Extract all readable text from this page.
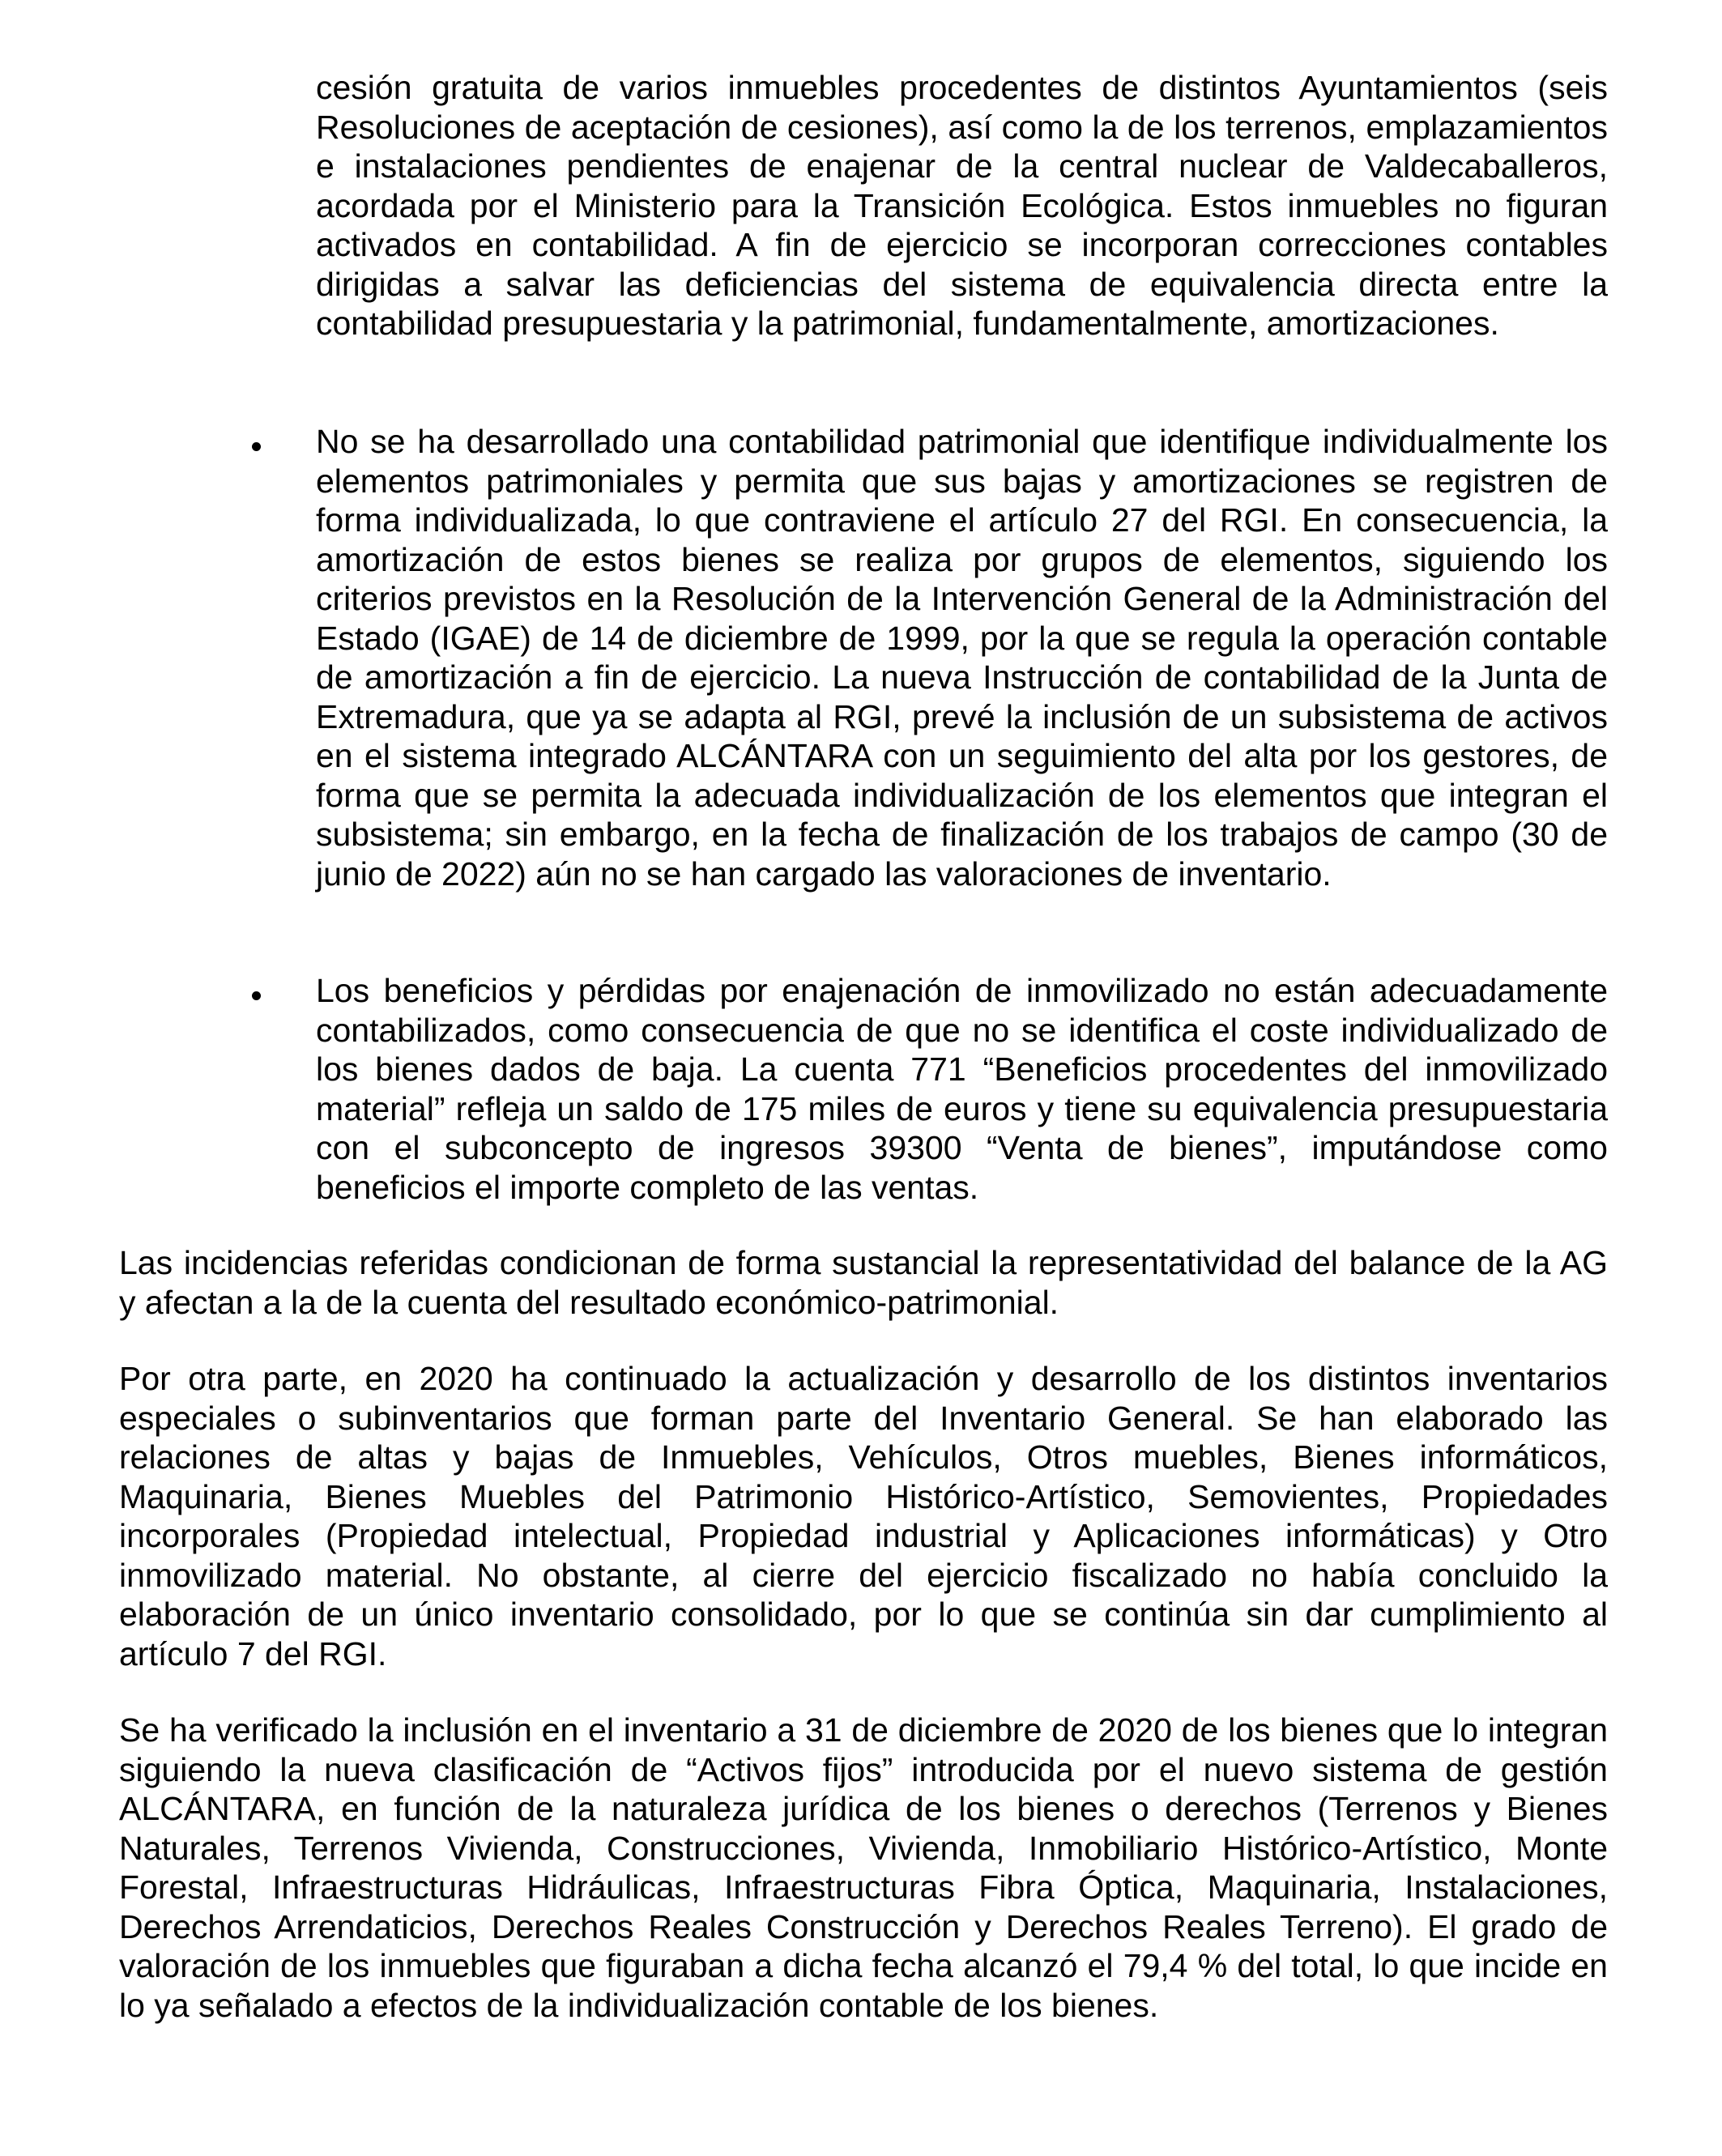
cesión gratuita de varios inmuebles procedentes de distintos Ayuntamientos (seis Resoluciones de aceptación de cesiones), así como la de los terrenos, emplazamientos e instalaciones pendientes de enajenar de la central nuclear de Valdecaballeros, acordada por el Ministerio para la Transición Ecológica. Estos inmuebles no figuran activados en contabilidad. A fin de ejercicio se incorporan correcciones contables dirigidas a salvar las deficiencias del sistema de equivalencia directa entre la contabilidad presupuestaria y la patrimonial, fundamentalmente, amortizaciones.

No se ha desarrollado una contabilidad patrimonial que identifique individualmente los elementos patrimoniales y permita que sus bajas y amortizaciones se registren de forma individualizada, lo que contraviene el artículo 27 del RGI. En consecuencia, la amortización de estos bienes se realiza por grupos de elementos, siguiendo los criterios previstos en la Resolución de la Intervención General de la Administración del Estado (IGAE) de 14 de diciembre de 1999, por la que se regula la operación contable de amortización a fin de ejercicio. La nueva Instrucción de contabilidad de la Junta de Extremadura, que ya se adapta al RGI, prevé la inclusión de un subsistema de activos en el sistema integrado ALCÁNTARA con un seguimiento del alta por los gestores, de forma que se permita la adecuada individualización de los elementos que integran el subsistema; sin embargo, en la fecha de finalización de los trabajos de campo (30 de junio de 2022) aún no se han cargado las valoraciones de inventario.

Los beneficios y pérdidas por enajenación de inmovilizado no están adecuadamente contabilizados, como consecuencia de que no se identifica el coste individualizado de los bienes dados de baja. La cuenta 771 “Beneficios procedentes del inmovilizado material” refleja un saldo de 175 miles de euros y tiene su equivalencia presupuestaria con el subconcepto de ingresos 39300 “Venta de bienes”, imputándose como beneficios el importe completo de las ventas.

Las incidencias referidas condicionan de forma sustancial la representatividad del balance de la AG y afectan a la de la cuenta del resultado económico-patrimonial.

Por otra parte, en 2020 ha continuado la actualización y desarrollo de los distintos inventarios especiales o subinventarios que forman parte del Inventario General. Se han elaborado las relaciones de altas y bajas de Inmuebles, Vehículos, Otros muebles, Bienes informáticos, Maquinaria, Bienes Muebles del Patrimonio Histórico-Artístico, Semovientes, Propiedades incorporales (Propiedad intelectual, Propiedad industrial y Aplicaciones informáticas) y Otro inmovilizado material. No obstante, al cierre del ejercicio fiscalizado no había concluido la elaboración de un único inventario consolidado, por lo que se continúa sin dar cumplimiento al artículo 7 del RGI.

Se ha verificado la inclusión en el inventario a 31 de diciembre de 2020 de los bienes que lo integran siguiendo la nueva clasificación de “Activos fijos” introducida por el nuevo sistema de gestión ALCÁNTARA, en función de la naturaleza jurídica de los bienes o derechos (Terrenos y Bienes Naturales, Terrenos Vivienda, Construcciones, Vivienda, Inmobiliario Histórico-Artístico, Monte Forestal, Infraestructuras Hidráulicas, Infraestructuras Fibra Óptica, Maquinaria, Instalaciones, Derechos Arrendaticios, Derechos Reales Construcción y Derechos Reales Terreno). El grado de valoración de los inmuebles que figuraban a dicha fecha alcanzó el 79,4 % del total, lo que incide en lo ya señalado a efectos de la individualización contable de los bienes.
